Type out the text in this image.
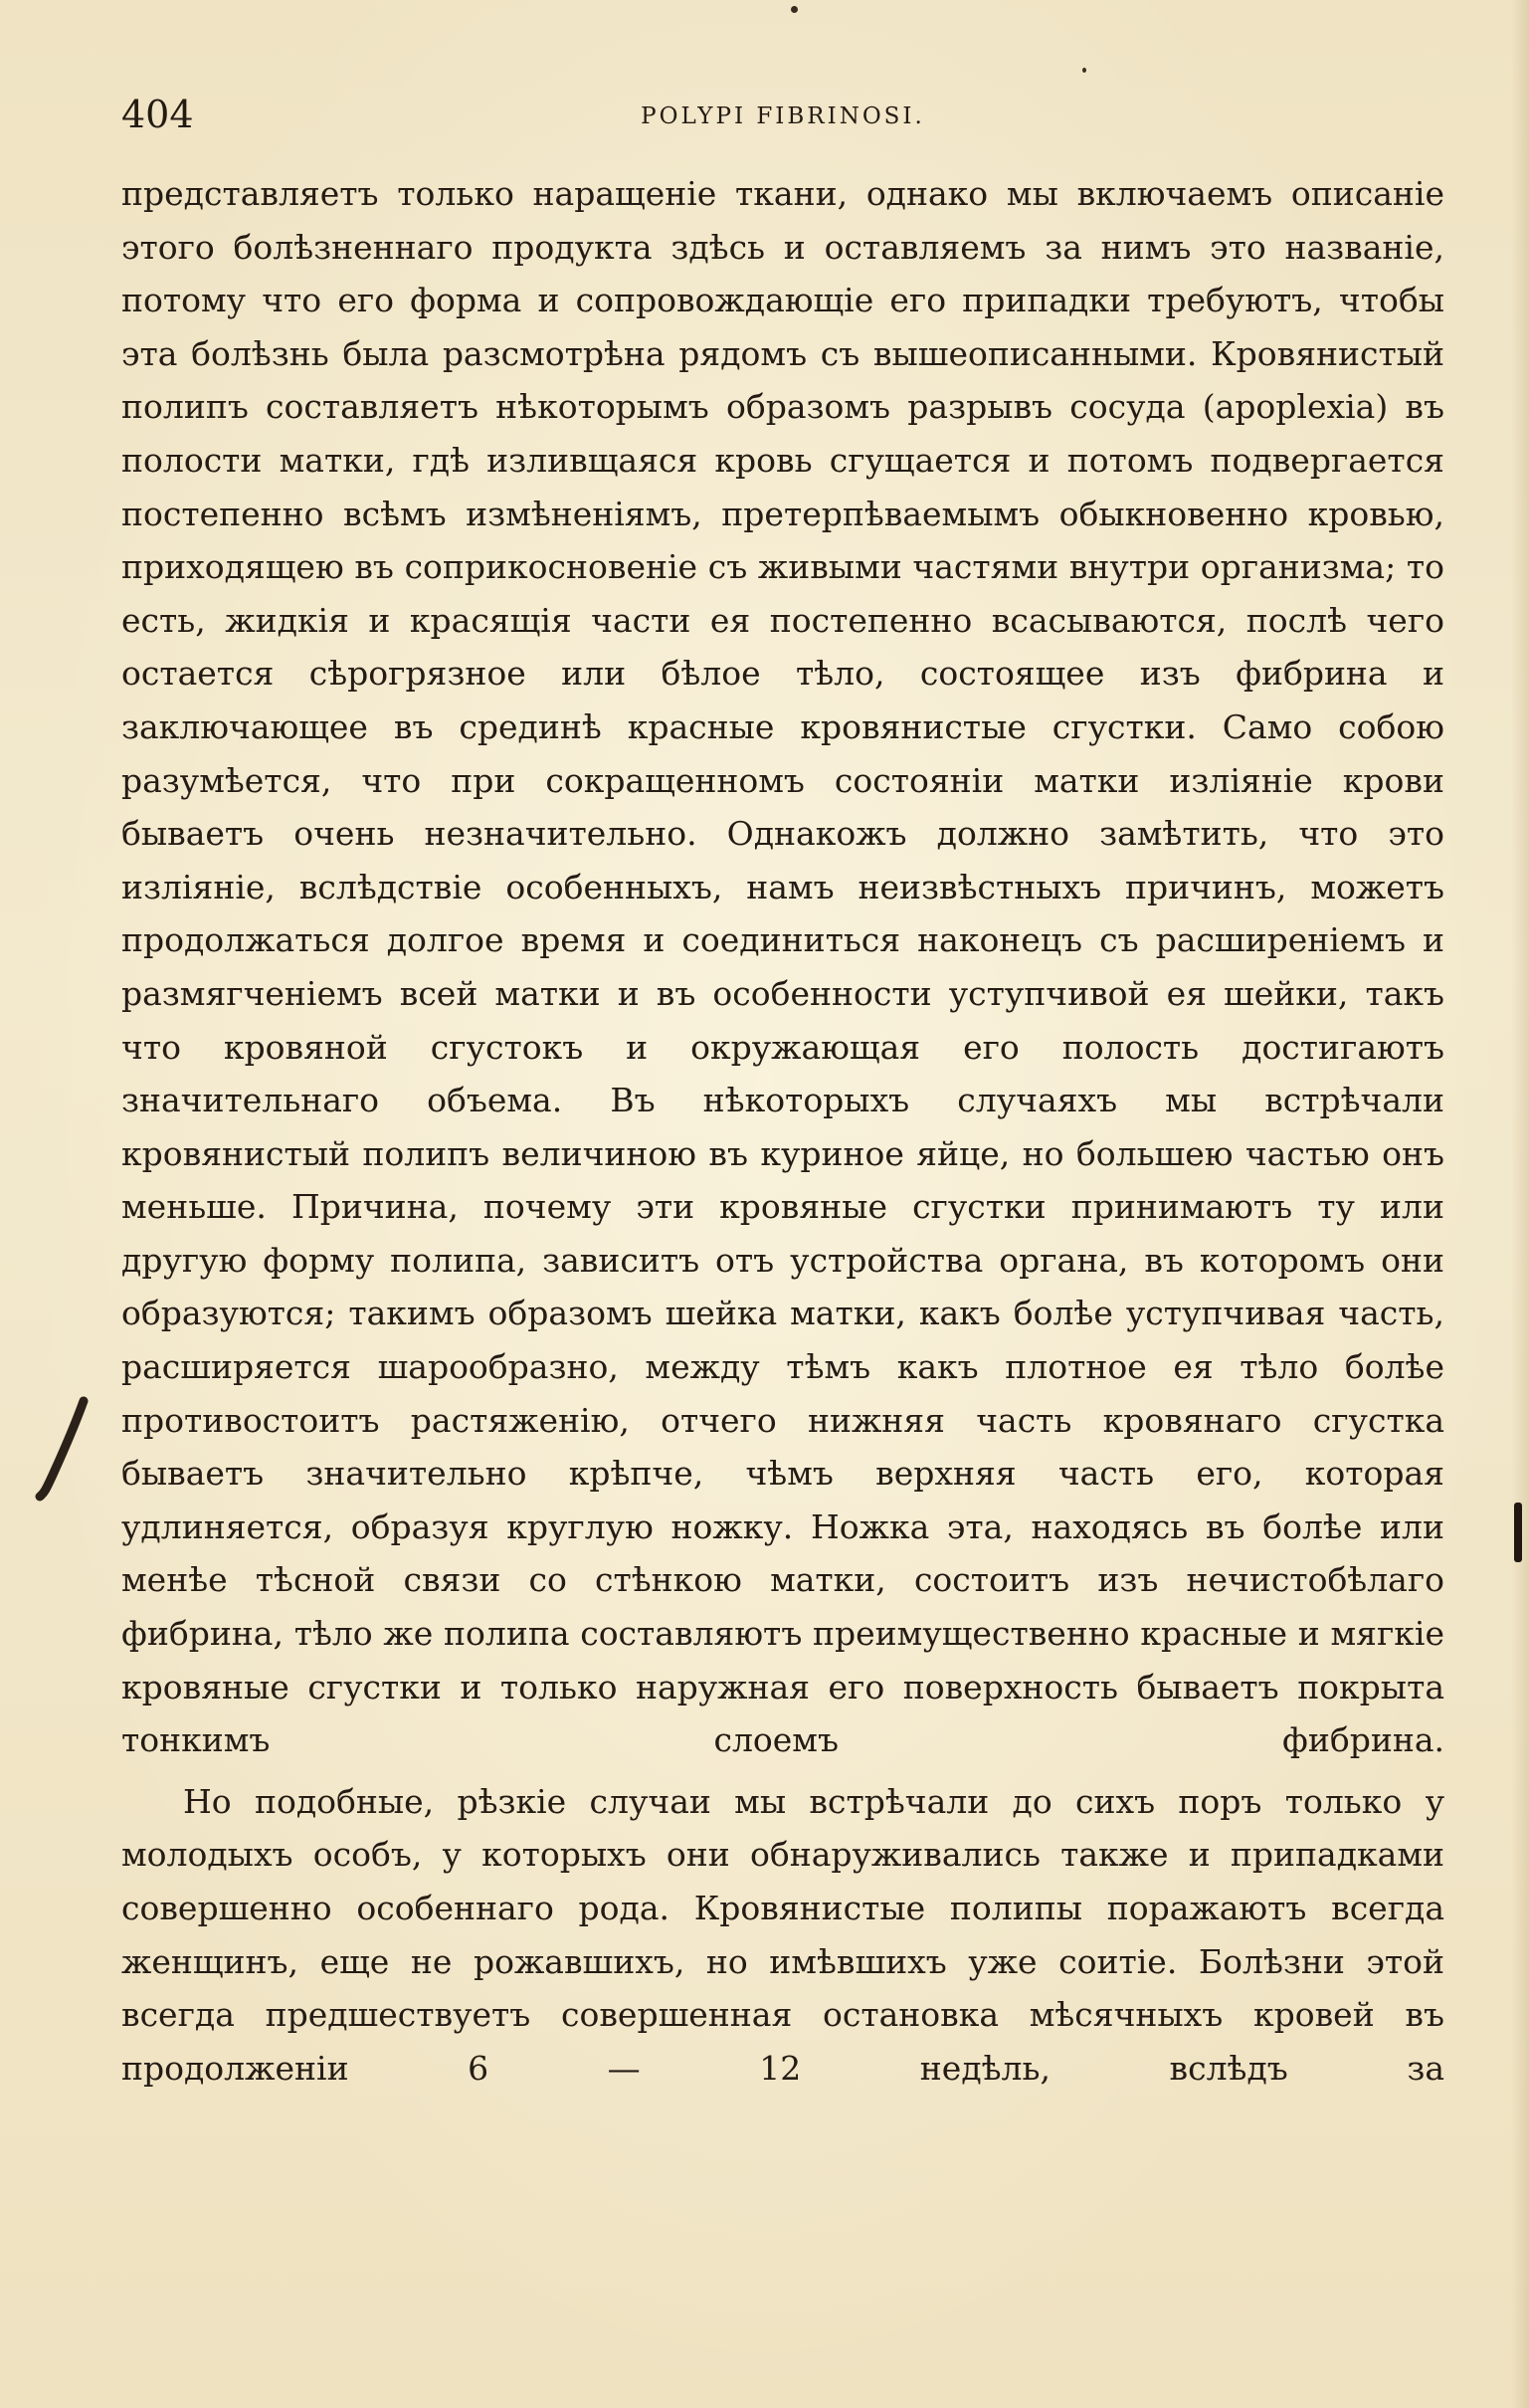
404	POLYPI FIBRINOSI.

представляетъ только наращеніе ткани, однако мы включаемъ описаніе этого болѣзненнаго продукта здѣсь и оставляемъ за нимъ это названіе, потому что его форма и сопровождающіе его припадки требуютъ, чтобы эта болѣзнь была разсмотрѣна рядомъ съ вышеописанными. Кровянистый полипъ составляетъ нѣкоторымъ образомъ разрывъ сосуда (apoplexia) въ полости матки, гдѣ изливщаяся кровь сгущается и потомъ подвергается постепенно всѣмъ измѣненіямъ, претерпѣваемымъ обыкновенно кровью, приходящею въ соприкосновеніе съ живыми частями внутри организма; то есть, жидкія и красящія части ея постепенно всасываются, послѣ чего остается сѣрогрязное или бѣлое тѣло, состоящее изъ фибрина и заключающее въ срединѣ красные кровянистые сгустки. Само собою разумѣется, что при сокращенномъ состояніи матки изліяніе крови бываетъ очень незначительно. Однакожъ должно замѣтить, что это изліяніе, вслѣдствіе особенныхъ, намъ неизвѣстныхъ причинъ, можетъ продолжаться долгое время и соединиться наконецъ съ расширеніемъ и размягченіемъ всей матки и въ особенности уступчивой ея шейки, такъ что кровяной сгустокъ и окружающая его полость достигаютъ значительнаго объема. Въ нѣкоторыхъ случаяхъ мы встрѣчали кровянистый полипъ величиною въ куриное яйце, но большею частью онъ меньше. Причина, почему эти кровяные сгустки принимаютъ ту или другую форму полипа, зависитъ отъ устройства органа, въ которомъ они образуются; такимъ образомъ шейка матки, какъ болѣе уступчивая часть, расширяется шарообразно, между тѣмъ какъ плотное ея тѣло болѣе противостоитъ растяженію, отчего нижняя часть кровянаго сгустка бываетъ значительно крѣпче, чѣмъ верхняя часть его, которая удлиняется, образуя круглую ножку. Ножка эта, находясь въ болѣе или менѣе тѣсной связи со стѣнкою матки, состоитъ изъ нечистобѣлаго фибрина, тѣло же полипа составляютъ преимущественно красные и мягкіе кровяные сгустки и только наружная его поверхность бываетъ покрыта тонкимъ слоемъ фибрина.

Но подобные, рѣзкіе случаи мы встрѣчали до сихъ поръ только у молодыхъ особъ, у которыхъ они обнаруживались также и припадками совершенно особеннаго рода. Кровянистые полипы поражаютъ всегда женщинъ, еще не рожавшихъ, но имѣвшихъ уже соитіе. Болѣзни этой всегда предшествуетъ совершенная остановка мѣсячныхъ кровей въ продолженіи 6 — 12 недѣль, вслѣдъ за
